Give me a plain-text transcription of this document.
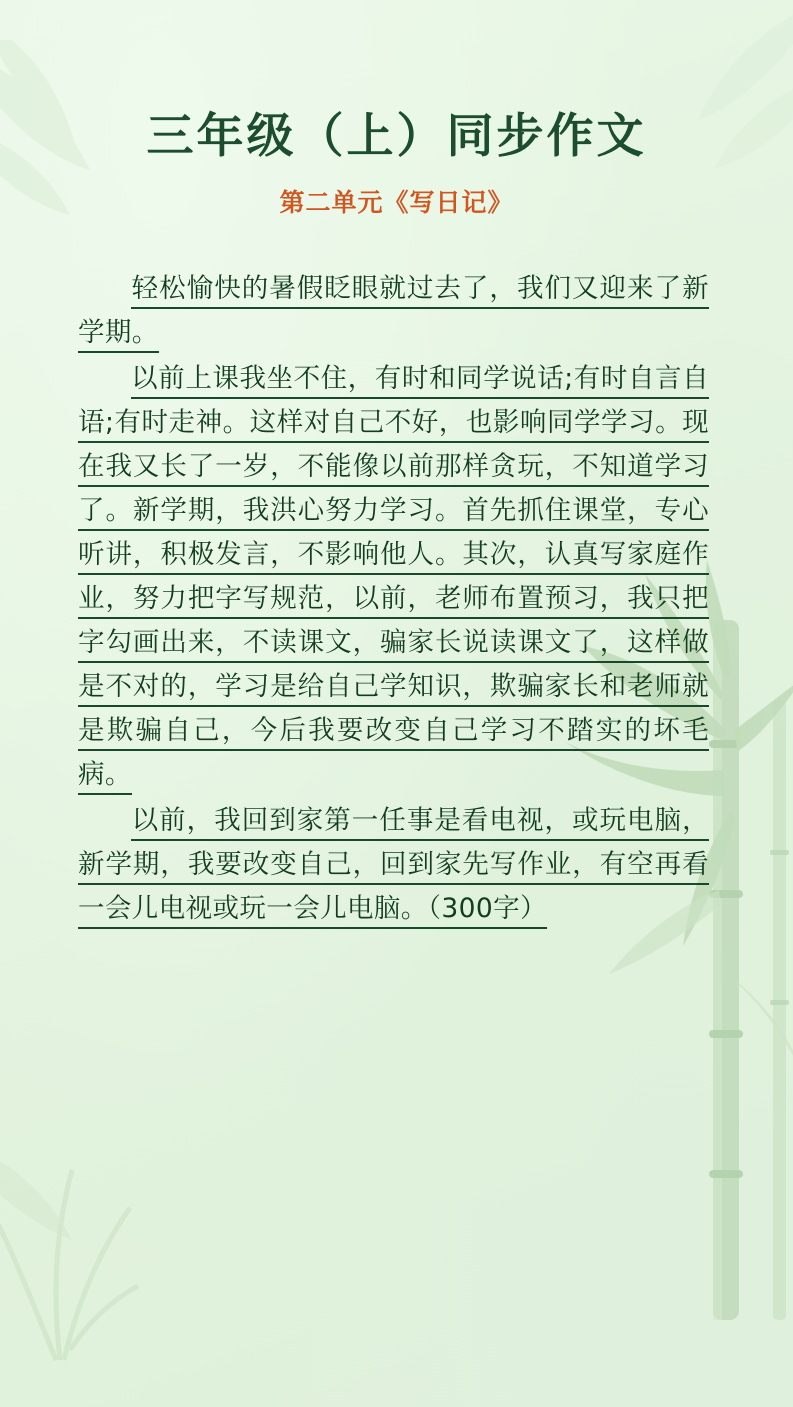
三年级（上）同步作文
第二单元《写日记》

轻松愉快的暑假眨眼就过去了，我们又迎来了新学期。

以前上课我坐不住，有时和同学说话;有时自言自语;有时走神。这样对自己不好，也影响同学学习。现在我又长了一岁，不能像以前那样贪玩，不知道学习了。新学期，我洪心努力学习。首先抓住课堂，专心听讲，积极发言，不影响他人。其次，认真写家庭作业，努力把字写规范，以前，老师布置预习，我只把字勾画出来，不读课文，骗家长说读课文了，这样做是不对的，学习是给自己学知识，欺骗家长和老师就是欺骗自己，今后我要改变自己学习不踏实的坏毛病。

以前，我回到家第一任事是看电视，或玩电脑，新学期，我要改变自己，回到家先写作业，有空再看一会儿电视或玩一会儿电脑。（300字）
